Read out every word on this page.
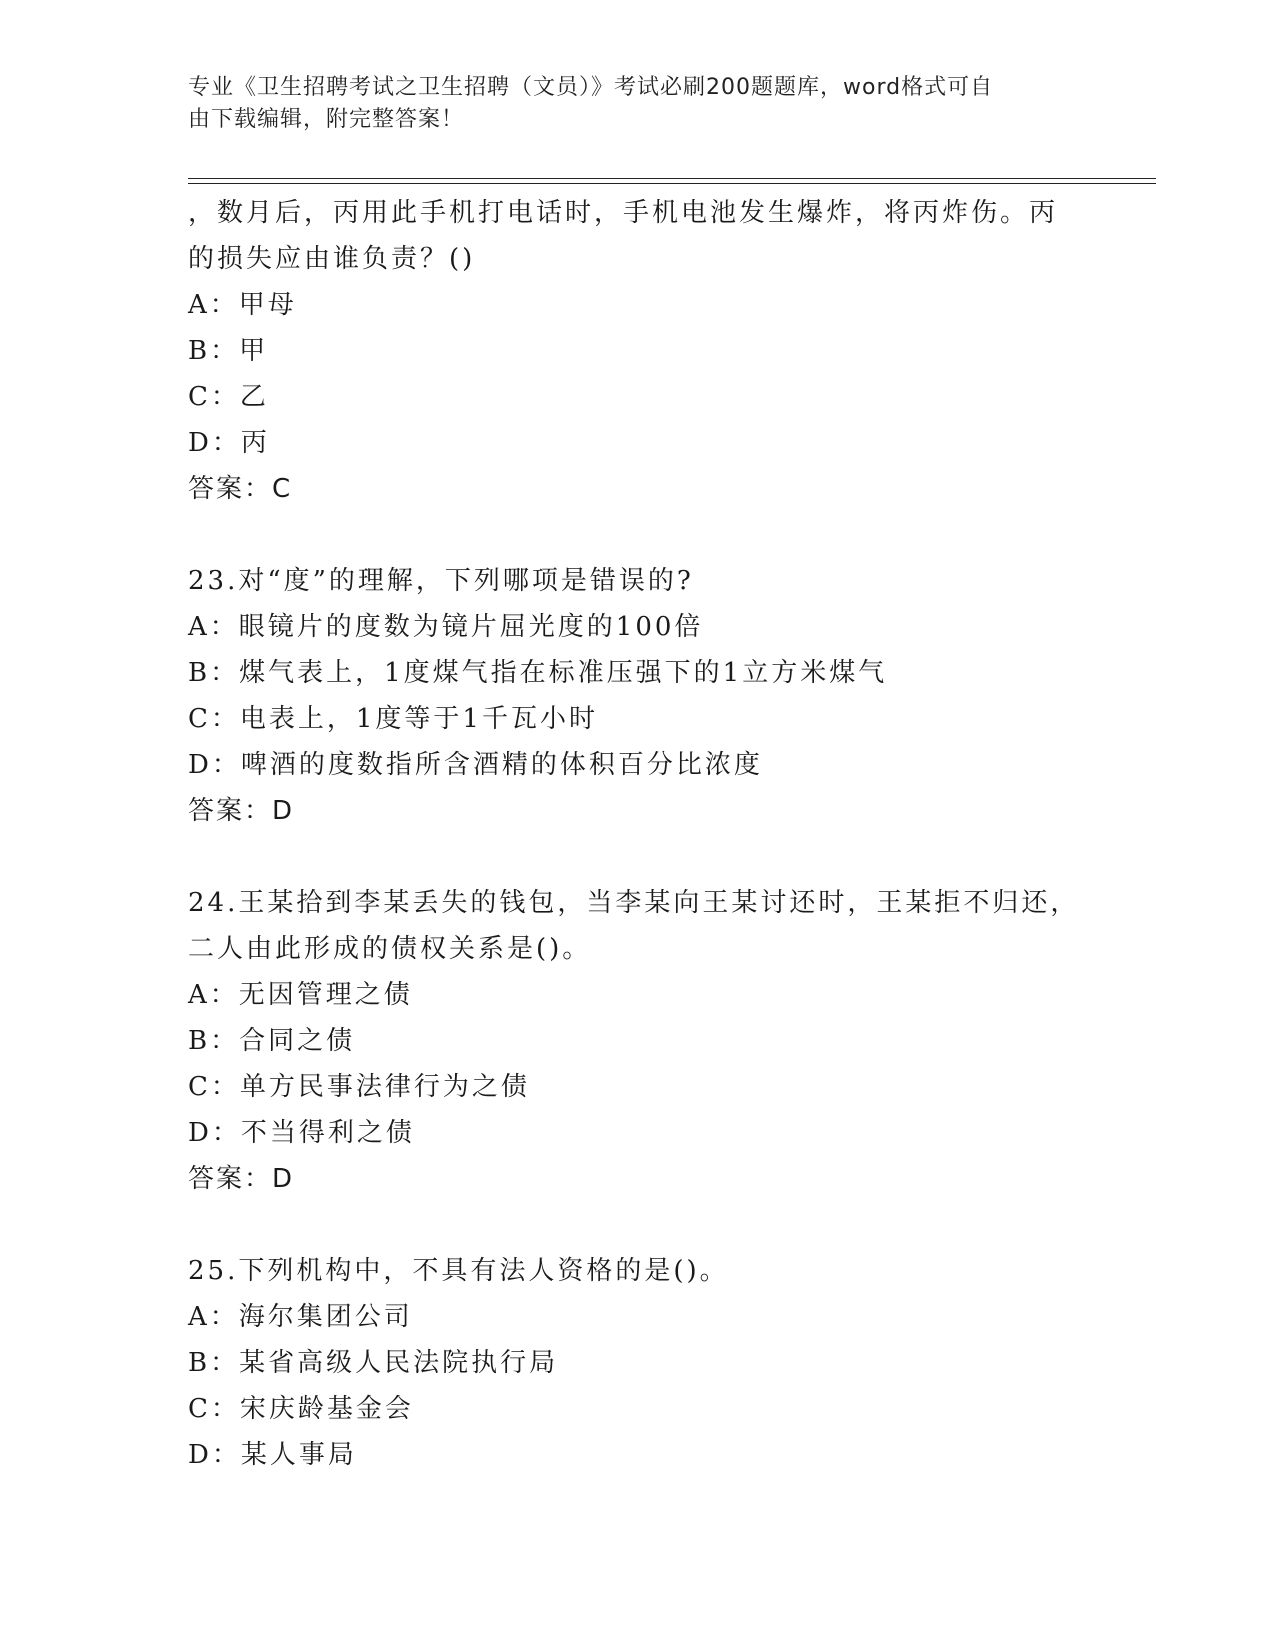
专业《卫生招聘考试之卫生招聘（文员）》考试必刷200题题库，word格式可自
由下载编辑，附完整答案！
，数月后，丙用此手机打电话时，手机电池发生爆炸，将丙炸伤。丙
的损失应由谁负责？()
A：甲母
B：甲
C：乙
D：丙
答案：C
23.对“度”的理解，下列哪项是错误的?
A：眼镜片的度数为镜片屈光度的100倍
B：煤气表上，1度煤气指在标准压强下的1立方米煤气
C：电表上，1度等于1千瓦小时
D：啤酒的度数指所含酒精的体积百分比浓度
答案：D
24.王某拾到李某丢失的钱包，当李某向王某讨还时，王某拒不归还，
二人由此形成的债权关系是()。
A：无因管理之债
B：合同之债
C：单方民事法律行为之债
D：不当得利之债
答案：D
25.下列机构中，不具有法人资格的是()。
A：海尔集团公司
B：某省高级人民法院执行局
C：宋庆龄基金会
D：某人事局
